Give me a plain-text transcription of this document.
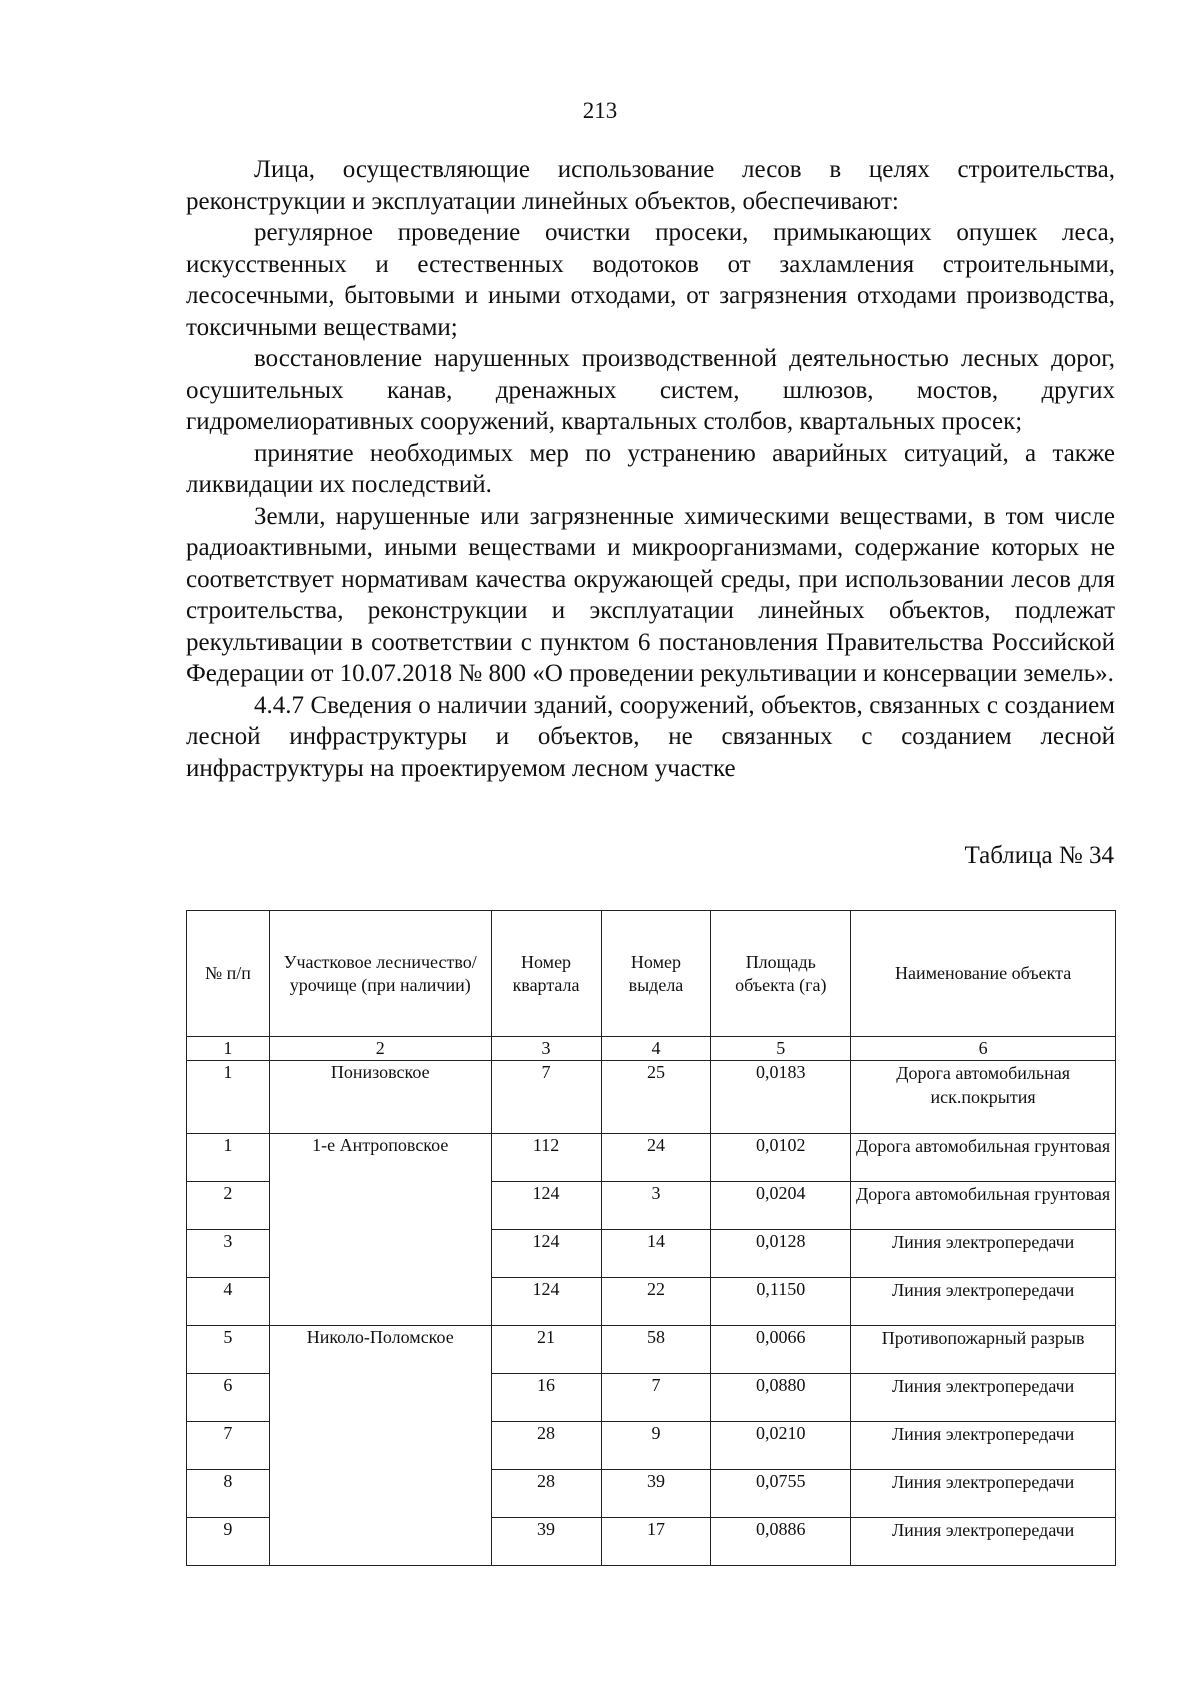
213

Лица, осуществляющие использование лесов в целях строительства, реконструкции и эксплуатации линейных объектов, обеспечивают:

регулярное проведение очистки просеки, примыкающих опушек леса, искусственных и естественных водотоков от захламления строительными, лесосечными, бытовыми и иными отходами, от загрязнения отходами производства, токсичными веществами;

восстановление нарушенных производственной деятельностью лесных дорог, осушительных канав, дренажных систем, шлюзов, мостов, других гидромелиоративных сооружений, квартальных столбов, квартальных просек;

принятие необходимых мер по устранению аварийных ситуаций, а также ликвидации их последствий.

Земли, нарушенные или загрязненные химическими веществами, в том числе радиоактивными, иными веществами и микроорганизмами, содержание которых не соответствует нормативам качества окружающей среды, при использовании лесов для строительства, реконструкции и эксплуатации линейных объектов, подлежат рекультивации в соответствии с пунктом 6 постановления Правительства Российской Федерации от 10.07.2018 № 800 «О проведении рекультивации и консервации земель».

4.4.7 Сведения о наличии зданий, сооружений, объектов, связанных с созданием лесной инфраструктуры и объектов, не связанных с созданием лесной инфраструктуры на проектируемом лесном участке

Таблица № 34
№ п/п	Участковое лесничество/урочище (при наличии)	Номер квартала	Номер выдела	Площадь объекта (га)	Наименование объекта
1	2	3	4	5	6
1	Понизовское	7	25	0,0183	Дорога автомобильная иск.покрытия
1	1-е Антроповское	112	24	0,0102	Дорога автомобильная грунтовая
2		124	3	0,0204	Дорога автомобильная грунтовая
3		124	14	0,0128	Линия электропередачи
4		124	22	0,1150	Линия электропередачи
5	Николо-Поломское	21	58	0,0066	Противопожарный разрыв
6		16	7	0,0880	Линия электропередачи
7		28	9	0,0210	Линия электропередачи
8		28	39	0,0755	Линия электропередачи
9		39	17	0,0886	Линия электропередачи
